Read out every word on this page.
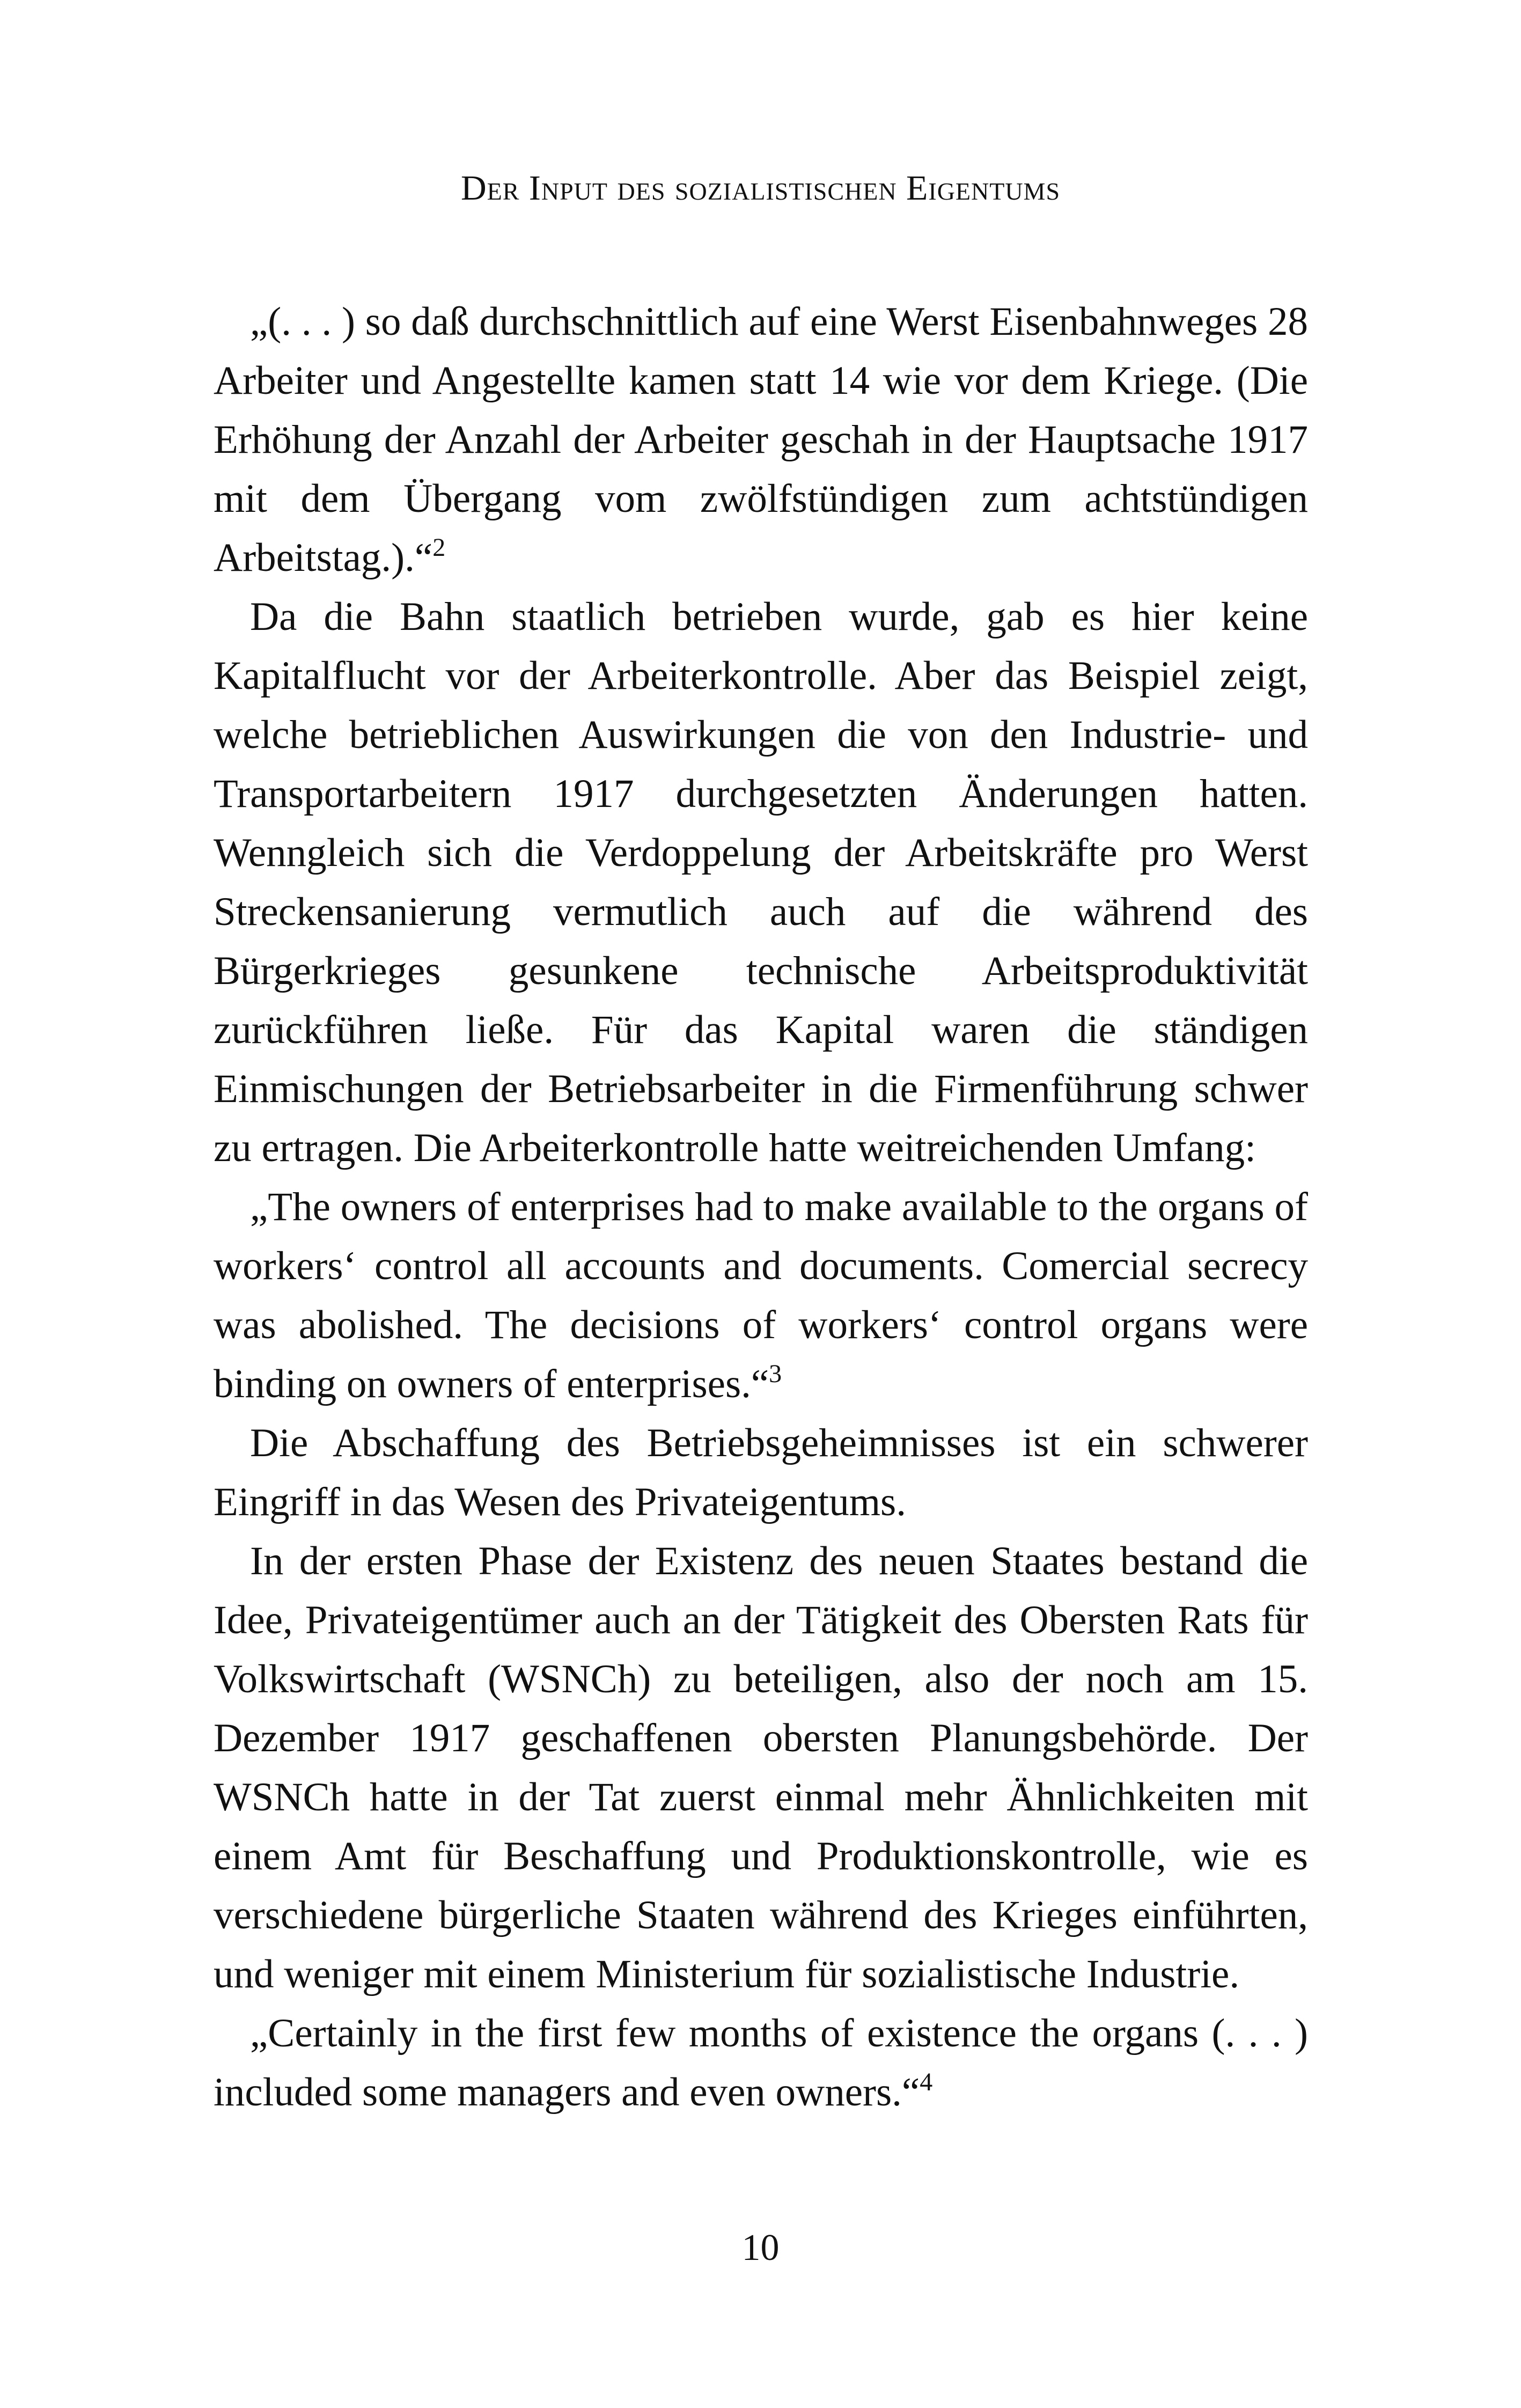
Der Input des sozialistischen Eigentums

„(. . . ) so daß durchschnittlich auf eine Werst Eisenbahnweges 28 Arbeiter und Angestellte kamen statt 14 wie vor dem Kriege. (Die Erhöhung der Anzahl der Arbeiter geschah in der Hauptsache 1917 mit dem Übergang vom zwölfstündigen zum achtstündigen Arbeitstag.).“$^2$

Da die Bahn staatlich betrieben wurde, gab es hier keine Kapitalflucht vor der Arbeiterkontrolle. Aber das Beispiel zeigt, welche betrieblichen Auswirkungen die von den Industrie- und Transportarbeitern 1917 durchgesetzten Änderungen hatten. Wenngleich sich die Verdoppelung der Arbeitskräfte pro Werst Streckensanierung vermutlich auch auf die während des Bürgerkrieges gesunkene technische Arbeitsproduktivität zurückführen ließe. Für das Kapital waren die ständigen Einmischungen der Betriebsarbeiter in die Firmenführung schwer zu ertragen. Die Arbeiterkontrolle hatte weitreichenden Umfang:

„The owners of enterprises had to make available to the organs of workers‘ control all accounts and documents. Comercial secrecy was abolished. The decisions of workers‘ control organs were binding on owners of enterprises.“$^3$

Die Abschaffung des Betriebsgeheimnisses ist ein schwerer Eingriff in das Wesen des Privateigentums.

In der ersten Phase der Existenz des neuen Staates bestand die Idee, Privateigentümer auch an der Tätigkeit des Obersten Rats für Volkswirtschaft (WSNCh) zu beteiligen, also der noch am 15. Dezember 1917 geschaffenen obersten Planungsbehörde. Der WSNCh hatte in der Tat zuerst einmal mehr Ähnlichkeiten mit einem Amt für Beschaffung und Produktionskontrolle, wie es verschiedene bürgerliche Staaten während des Krieges einführten, und weniger mit einem Ministerium für sozialistische Industrie.

„Certainly in the first few months of existence the organs (. . . ) included some managers and even owners.“$^4$

10
